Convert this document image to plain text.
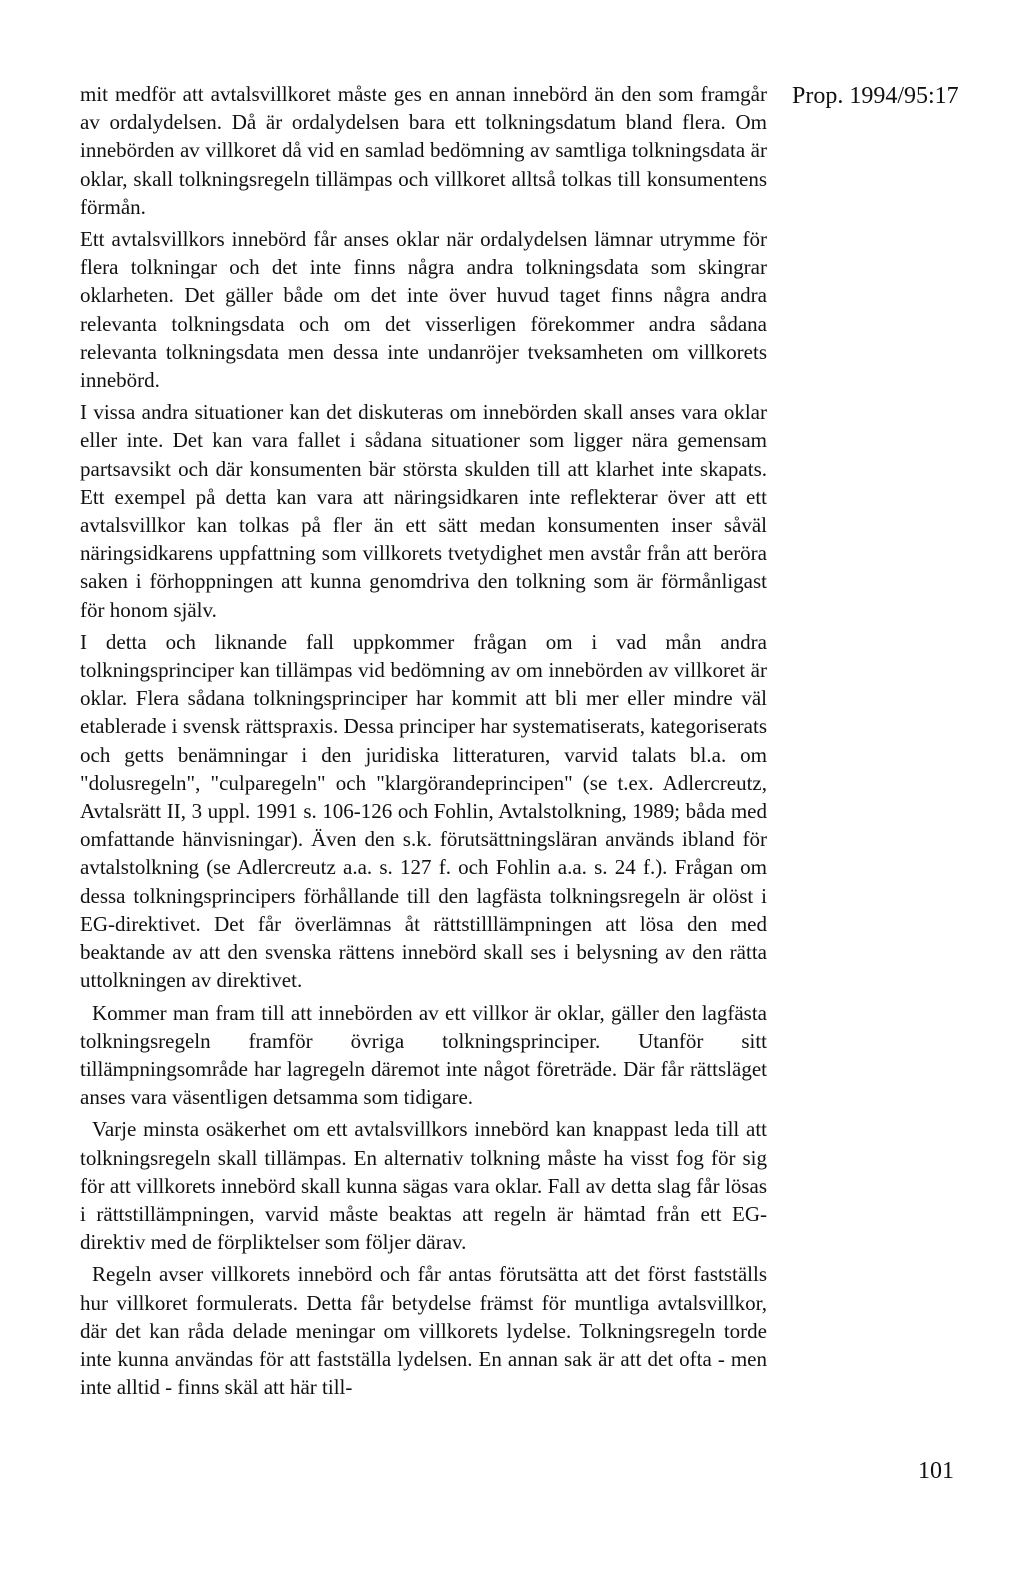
Prop. 1994/95:17

mit medför att avtalsvillkoret måste ges en annan innebörd än den som framgår av ordalydelsen. Då är ordalydelsen bara ett tolkningsdatum bland flera. Om innebörden av villkoret då vid en samlad bedömning av samtliga tolkningsdata är oklar, skall tolkningsregeln tillämpas och villkoret alltså tolkas till konsumentens förmån.

Ett avtalsvillkors innebörd får anses oklar när ordalydelsen lämnar utrymme för flera tolkningar och det inte finns några andra tolkningsdata som skingrar oklarheten. Det gäller både om det inte över huvud taget finns några andra relevanta tolkningsdata och om det visserligen förekommer andra sådana relevanta tolkningsdata men dessa inte undanröjer tveksamheten om villkorets innebörd.

I vissa andra situationer kan det diskuteras om innebörden skall anses vara oklar eller inte. Det kan vara fallet i sådana situationer som ligger nära gemensam partsavsikt och där konsumenten bär största skulden till att klarhet inte skapats. Ett exempel på detta kan vara att näringsidkaren inte reflekterar över att ett avtalsvillkor kan tolkas på fler än ett sätt medan konsumenten inser såväl näringsidkarens uppfattning som villkorets tvetydighet men avstår från att beröra saken i förhoppningen att kunna genomdriva den tolkning som är förmånligast för honom själv.

I detta och liknande fall uppkommer frågan om i vad mån andra tolkningsprinciper kan tillämpas vid bedömning av om innebörden av villkoret är oklar. Flera sådana tolkningsprinciper har kommit att bli mer eller mindre väl etablerade i svensk rättspraxis. Dessa principer har systematiserats, kategoriserats och getts benämningar i den juridiska litteraturen, varvid talats bl.a. om "dolusregeln", "culparegeln" och "klargörandeprincipen" (se t.ex. Adlercreutz, Avtalsrätt II, 3 uppl. 1991 s. 106-126 och Fohlin, Avtalstolkning, 1989; båda med omfattande hänvisningar). Även den s.k. förutsättningsläran används ibland för avtalstolkning (se Adlercreutz a.a. s. 127 f. och Fohlin a.a. s. 24 f.). Frågan om dessa tolkningsprincipers förhållande till den lagfästa tolkningsregeln är olöst i EG-direktivet. Det får överlämnas åt rättstilllämpningen att lösa den med beaktande av att den svenska rättens innebörd skall ses i belysning av den rätta uttolkningen av direktivet.

Kommer man fram till att innebörden av ett villkor är oklar, gäller den lagfästa tolkningsregeln framför övriga tolkningsprinciper. Utanför sitt tillämpningsområde har lagregeln däremot inte något företräde. Där får rättsläget anses vara väsentligen detsamma som tidigare.

Varje minsta osäkerhet om ett avtalsvillkors innebörd kan knappast leda till att tolkningsregeln skall tillämpas. En alternativ tolkning måste ha visst fog för sig för att villkorets innebörd skall kunna sägas vara oklar. Fall av detta slag får lösas i rättstillämpningen, varvid måste beaktas att regeln är hämtad från ett EG-direktiv med de förpliktelser som följer därav.

Regeln avser villkorets innebörd och får antas förutsätta att det först fastställs hur villkoret formulerats. Detta får betydelse främst för muntliga avtalsvillkor, där det kan råda delade meningar om villkorets lydelse. Tolkningsregeln torde inte kunna användas för att fastställa lydelsen. En annan sak är att det ofta - men inte alltid - finns skäl att här till-

101
